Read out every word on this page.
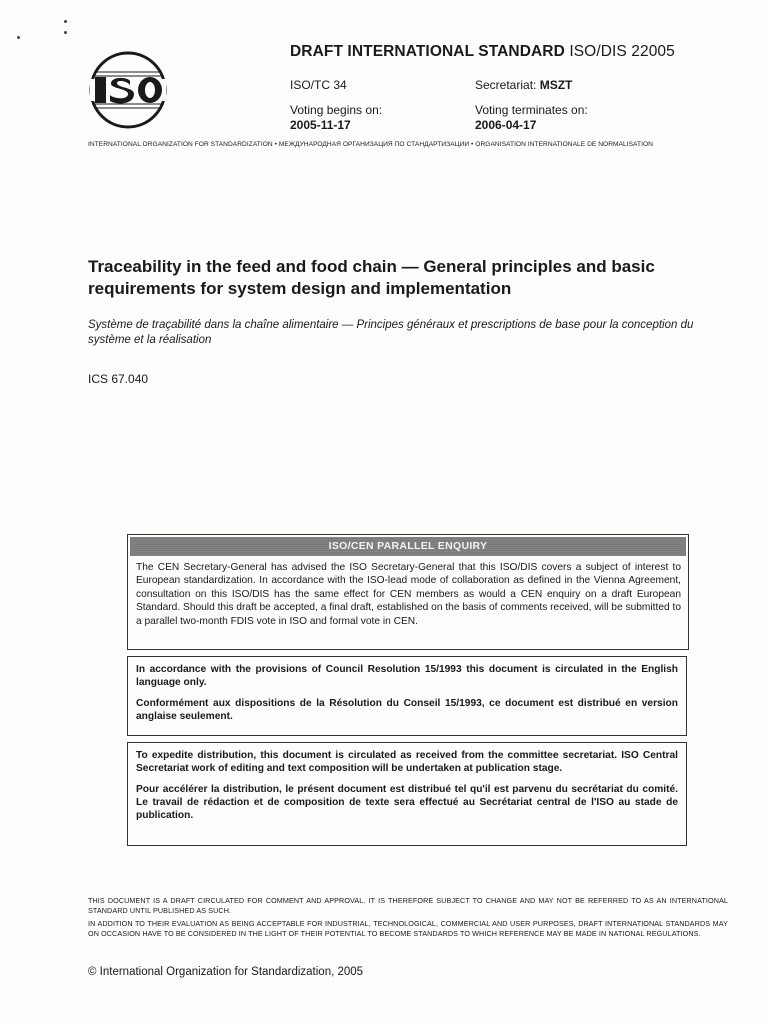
DRAFT INTERNATIONAL STANDARD ISO/DIS 22005
ISO/TC 34	Secretariat: MSZT
Voting begins on:
2005-11-17
Voting terminates on:
2006-04-17
INTERNATIONAL ORGANIZATION FOR STANDARDIZATION • МЕЖДУНАРОДНАЯ ОРГАНИЗАЦИЯ ПО СТАНДАРТИЗАЦИИ • ORGANISATION INTERNATIONALE DE NORMALISATION
Traceability in the feed and food chain — General principles and basic requirements for system design and implementation
Système de traçabilité dans la chaîne alimentaire — Principes généraux et prescriptions de base pour la conception du système et la réalisation
ICS 67.040
ISO/CEN PARALLEL ENQUIRY
The CEN Secretary-General has advised the ISO Secretary-General that this ISO/DIS covers a subject of interest to European standardization. In accordance with the ISO-lead mode of collaboration as defined in the Vienna Agreement, consultation on this ISO/DIS has the same effect for CEN members as would a CEN enquiry on a draft European Standard. Should this draft be accepted, a final draft, established on the basis of comments received, will be submitted to a parallel two-month FDIS vote in ISO and formal vote in CEN.

In accordance with the provisions of Council Resolution 15/1993 this document is circulated in the English language only.

Conformément aux dispositions de la Résolution du Conseil 15/1993, ce document est distribué en version anglaise seulement.

To expedite distribution, this document is circulated as received from the committee secretariat. ISO Central Secretariat work of editing and text composition will be undertaken at publication stage.

Pour accélérer la distribution, le présent document est distribué tel qu'il est parvenu du secrétariat du comité. Le travail de rédaction et de composition de texte sera effectué au Secrétariat central de l'ISO au stade de publication.

THIS DOCUMENT IS A DRAFT CIRCULATED FOR COMMENT AND APPROVAL. IT IS THEREFORE SUBJECT TO CHANGE AND MAY NOT BE REFERRED TO AS AN INTERNATIONAL STANDARD UNTIL PUBLISHED AS SUCH.
IN ADDITION TO THEIR EVALUATION AS BEING ACCEPTABLE FOR INDUSTRIAL, TECHNOLOGICAL, COMMERCIAL AND USER PURPOSES, DRAFT INTERNATIONAL STANDARDS MAY ON OCCASION HAVE TO BE CONSIDERED IN THE LIGHT OF THEIR POTENTIAL TO BECOME STANDARDS TO WHICH REFERENCE MAY BE MADE IN NATIONAL REGULATIONS.
© International Organization for Standardization, 2005
